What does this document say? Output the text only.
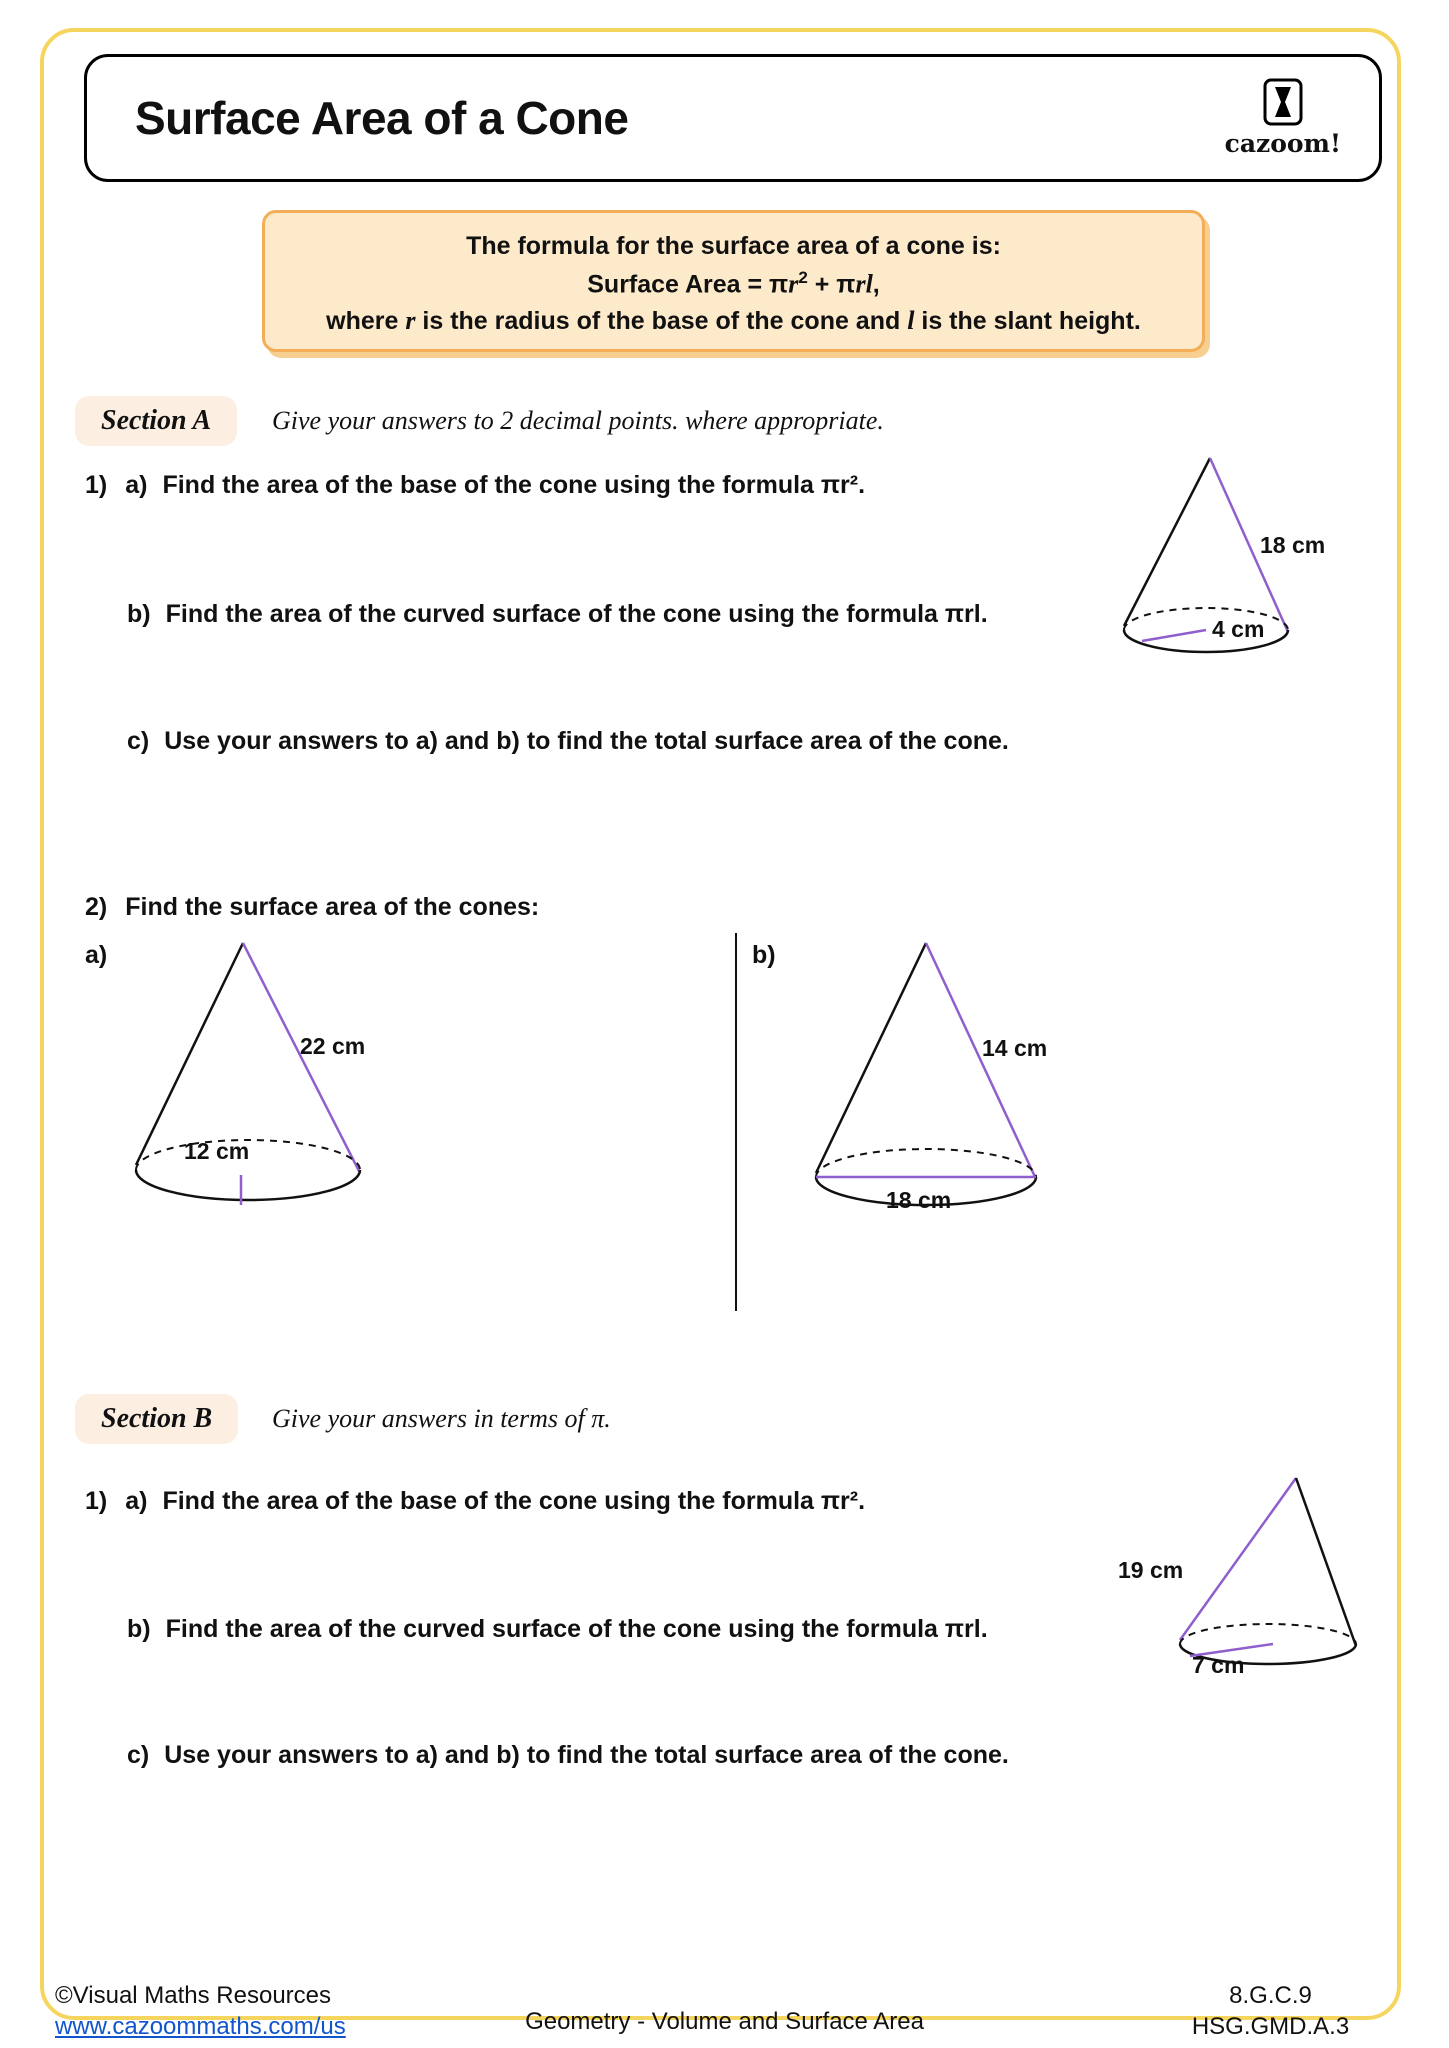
Surface Area of a Cone	cazoom!

The formula for the surface area of a cone is:

Surface Area = $\pi r^2 + \pi rl$,

where r is the radius of the base of the cone and l is the slant height.

Section A	Give your answers to 2 decimal points. where appropriate.
1) a) Find the area of the base of the cone using the formula πr².
18 cm
4 cm
b) Find the area of the curved surface of the cone using the formula πrl.
c) Use your answers to a) and b) to find the total surface area of the cone.
2) Find the surface area of the cones:
a)
22 cm
12 cm
b)
14 cm
18 cm
Section B	Give your answers in terms of π.
1) a) Find the area of the base of the cone using the formula πr².
19 cm
7 cm
b) Find the area of the curved surface of the cone using the formula πrl.
c) Use your answers to a) and b) to find the total surface area of the cone.
©Visual Maths Resources
www.cazoommaths.com/us	Geometry - Volume and Surface Area
8.G.C.9
HSG.GMD.A.3
